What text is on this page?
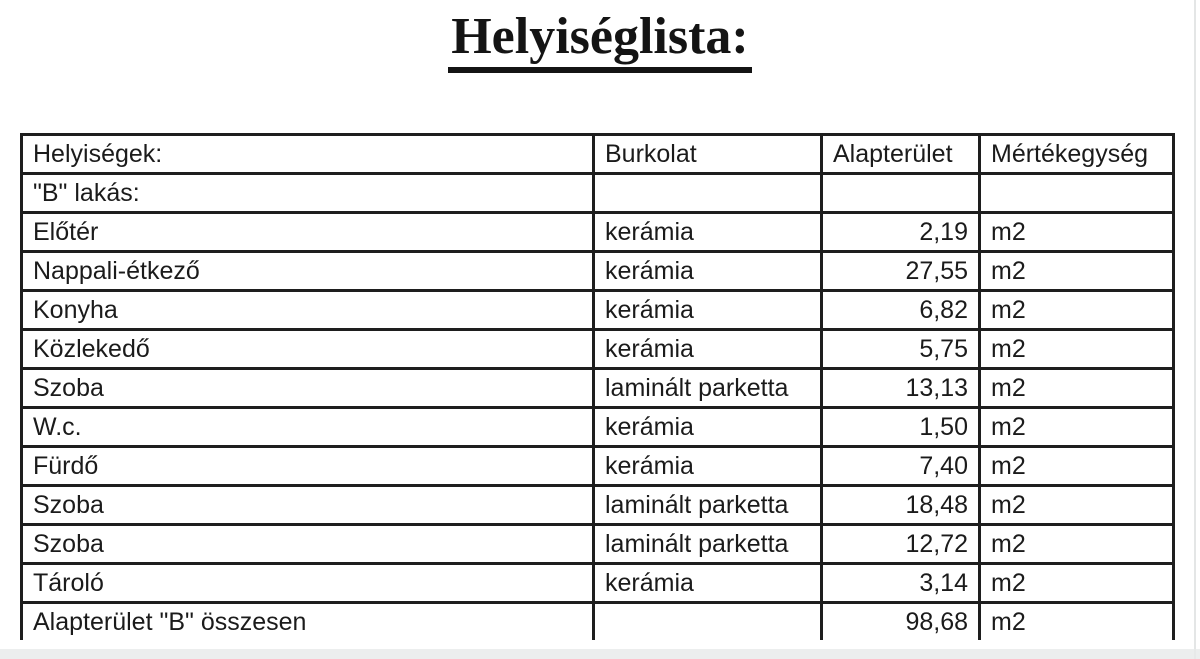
Helyiséglista:
Helyiségek:	Burkolat	Alapterület	Mértékegység
"B" lakás:			
Előtér	kerámia	2,19	m2
Nappali-étkező	kerámia	27,55	m2
Konyha	kerámia	6,82	m2
Közlekedő	kerámia	5,75	m2
Szoba	laminált parketta	13,13	m2
W.c.	kerámia	1,50	m2
Fürdő	kerámia	7,40	m2
Szoba	laminált parketta	18,48	m2
Szoba	laminált parketta	12,72	m2
Tároló	kerámia	3,14	m2
Alapterület "B" összesen		98,68	m2
